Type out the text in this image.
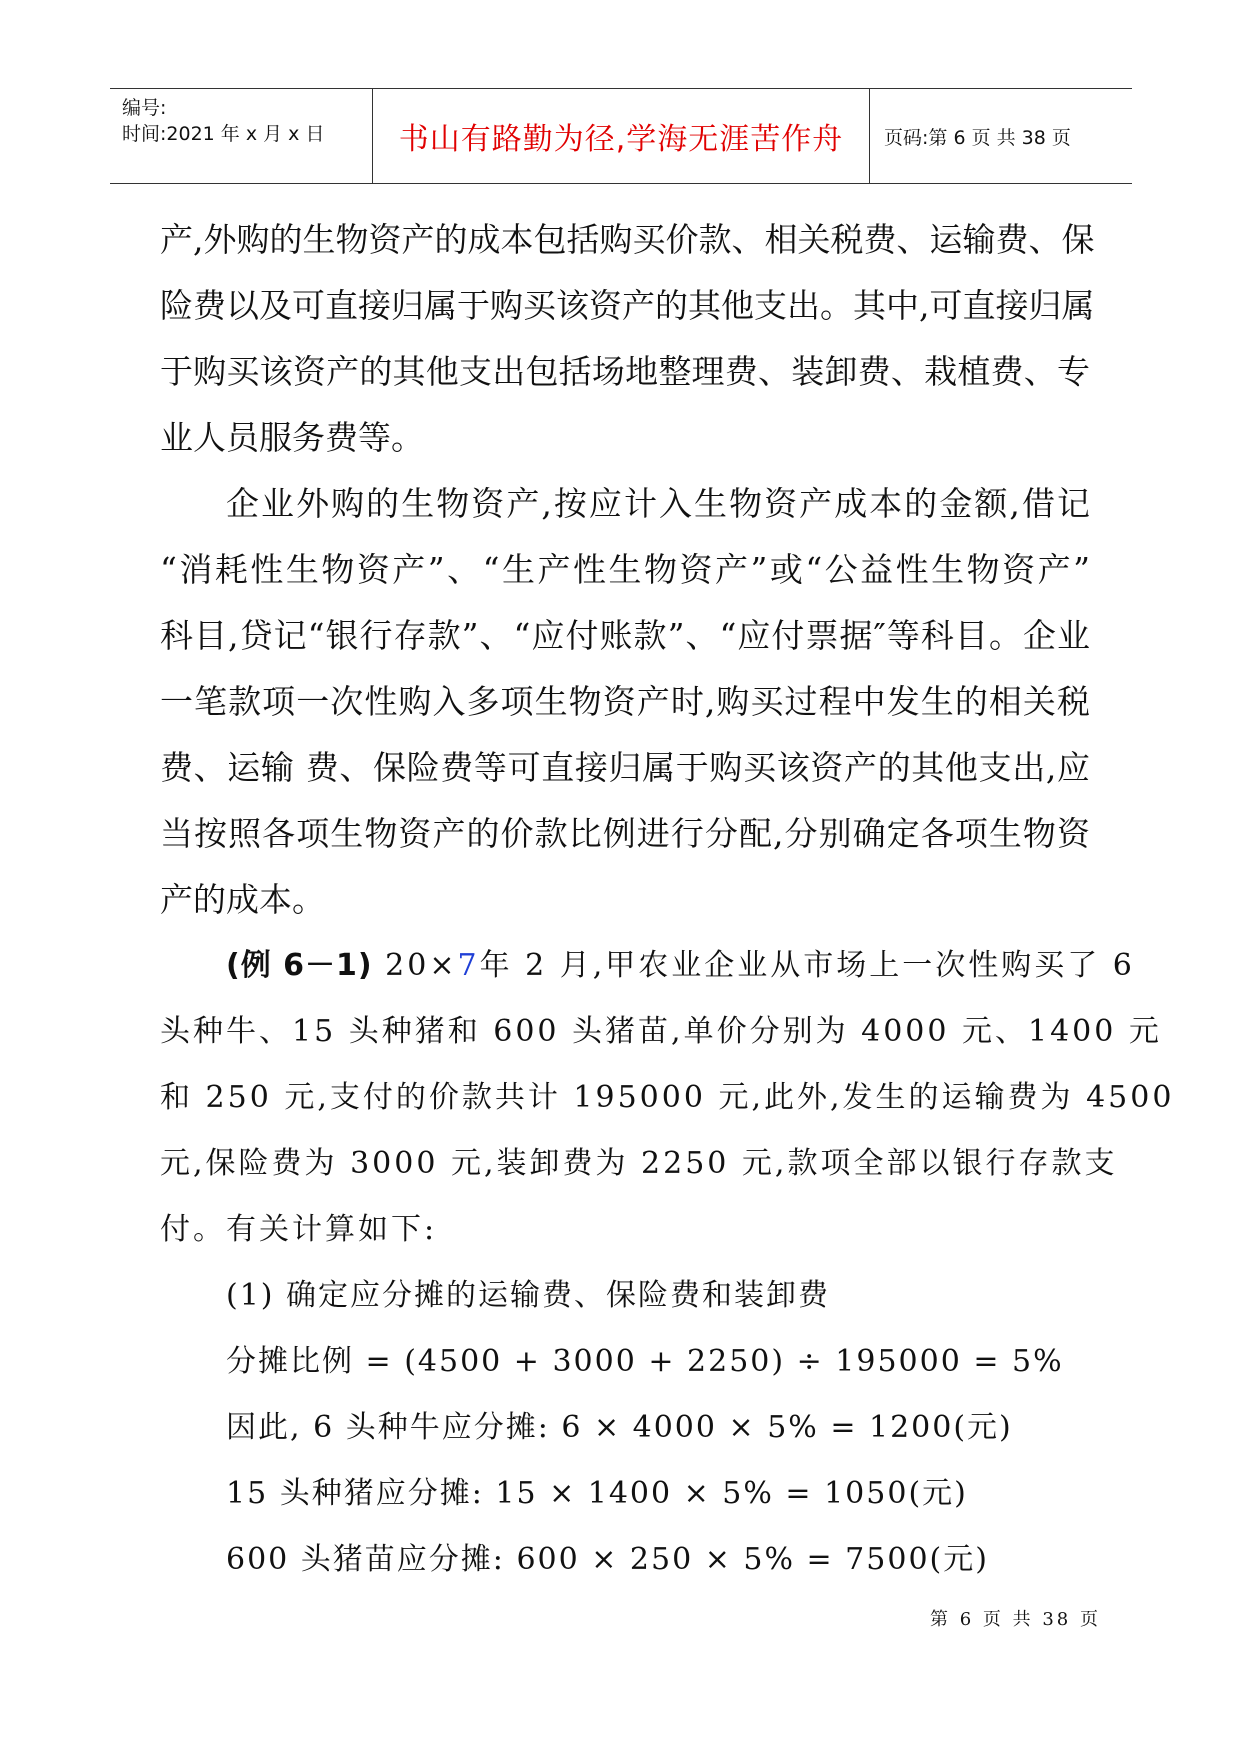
编号:
时间:2021 年 x 月 x 日 书山有路勤为径,学海无涯苦作舟 页码:第 6 页 共 38 页
产,外购的生物资产的成本包括购买价款、相关税费、运输费、保
险费以及可直接归属于购买该资产的其他支出。其中,可直接归属
于购买该资产的其他支出包括场地整理费、装卸费、栽植费、专
业人员服务费等。
企业外购的生物资产,按应计入生物资产成本的金额,借记
“消耗性生物资产”、“生产性生物资产”或“公益性生物资产”
科目,贷记“银行存款”、“应付账款”、“应付票据″等科目。企业
一笔款项一次性购入多项生物资产时,购买过程中发生的相关税
费、运输 费、保险费等可直接归属于购买该资产的其他支出,应
当按照各项生物资产的价款比例进行分配,分别确定各项生物资
产的成本。
(例 6－1) 20×7年 2 月,甲农业企业从市场上一次性购买了 6
头种牛、15 头种猪和 600 头猪苗,单价分别为 4000 元、1400 元
和 250 元,支付的价款共计 195000 元,此外,发生的运输费为 4500
元,保险费为 3000 元,装卸费为 2250 元,款项全部以银行存款支
付。有关计算如下:
(1) 确定应分摊的运输费、保险费和装卸费
分摊比例 = (4500 + 3000 + 2250) ÷ 195000 = 5%
因此, 6 头种牛应分摊: 6 × 4000 × 5% = 1200(元)
15 头种猪应分摊: 15 × 1400 × 5% = 1050(元)
600 头猪苗应分摊: 600 × 250 × 5% = 7500(元)
第 6 页 共 38 页
